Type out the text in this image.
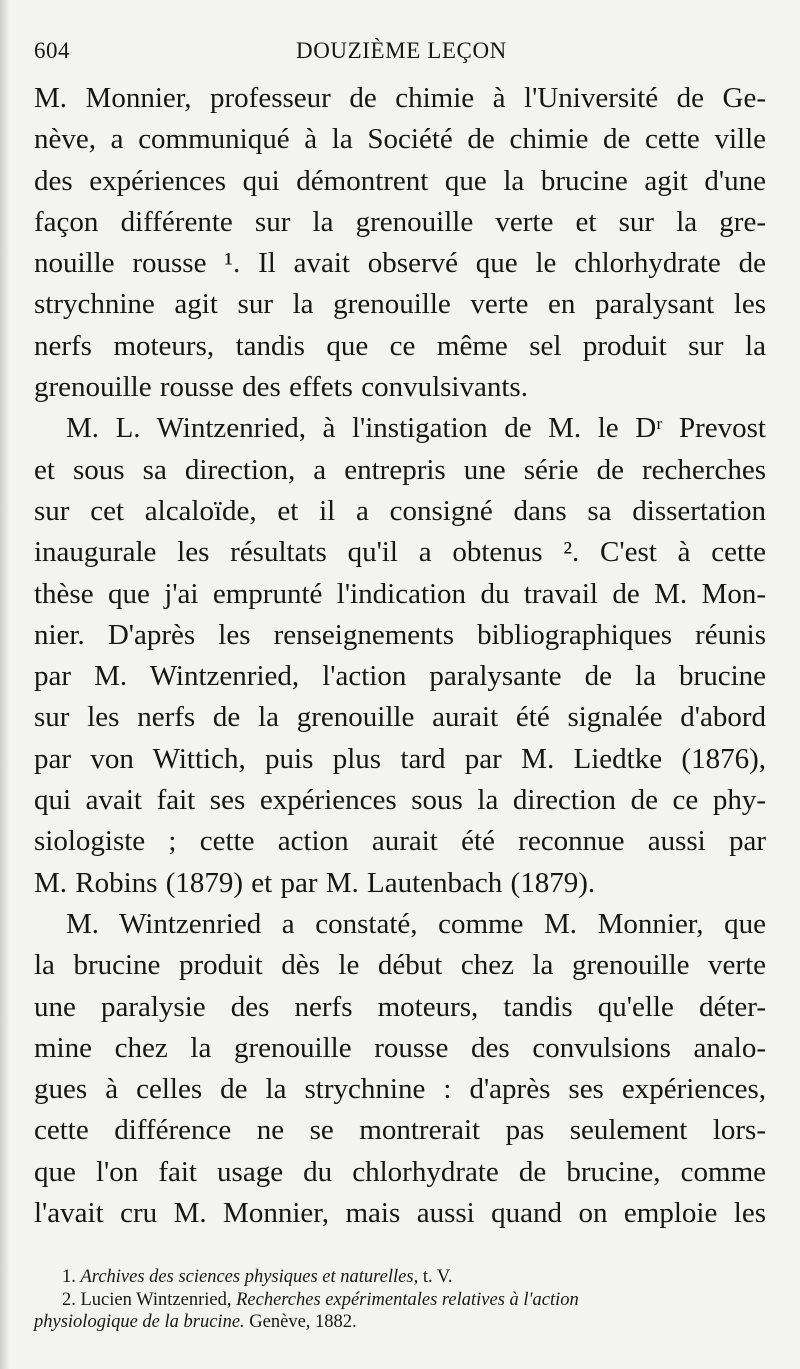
604	DOUZIÈME LEÇON
M. Monnier, professeur de chimie à l'Université de Ge-
nève, a communiqué à la Société de chimie de cette ville
des expériences qui démontrent que la brucine agit d'une
façon différente sur la grenouille verte et sur la gre-
nouille rousse ¹. Il avait observé que le chlorhydrate de
strychnine agit sur la grenouille verte en paralysant les
nerfs moteurs, tandis que ce même sel produit sur la
grenouille rousse des effets convulsivants.
M. L. Wintzenried, à l'instigation de M. le Dʳ Prevost
et sous sa direction, a entrepris une série de recherches
sur cet alcaloïde, et il a consigné dans sa dissertation
inaugurale les résultats qu'il a obtenus ². C'est à cette
thèse que j'ai emprunté l'indication du travail de M. Mon-
nier. D'après les renseignements bibliographiques réunis
par M. Wintzenried, l'action paralysante de la brucine
sur les nerfs de la grenouille aurait été signalée d'abord
par von Wittich, puis plus tard par M. Liedtke (1876),
qui avait fait ses expériences sous la direction de ce phy-
siologiste ; cette action aurait été reconnue aussi par
M. Robins (1879) et par M. Lautenbach (1879).
M. Wintzenried a constaté, comme M. Monnier, que
la brucine produit dès le début chez la grenouille verte
une paralysie des nerfs moteurs, tandis qu'elle déter-
mine chez la grenouille rousse des convulsions analo-
gues à celles de la strychnine : d'après ses expériences,
cette différence ne se montrerait pas seulement lors-
que l'on fait usage du chlorhydrate de brucine, comme
l'avait cru M. Monnier, mais aussi quand on emploie les
1. Archives des sciences physiques et naturelles, t. V.
2. Lucien Wintzenried, Recherches expérimentales relatives à l'action
physiologique de la brucine. Genève, 1882.
